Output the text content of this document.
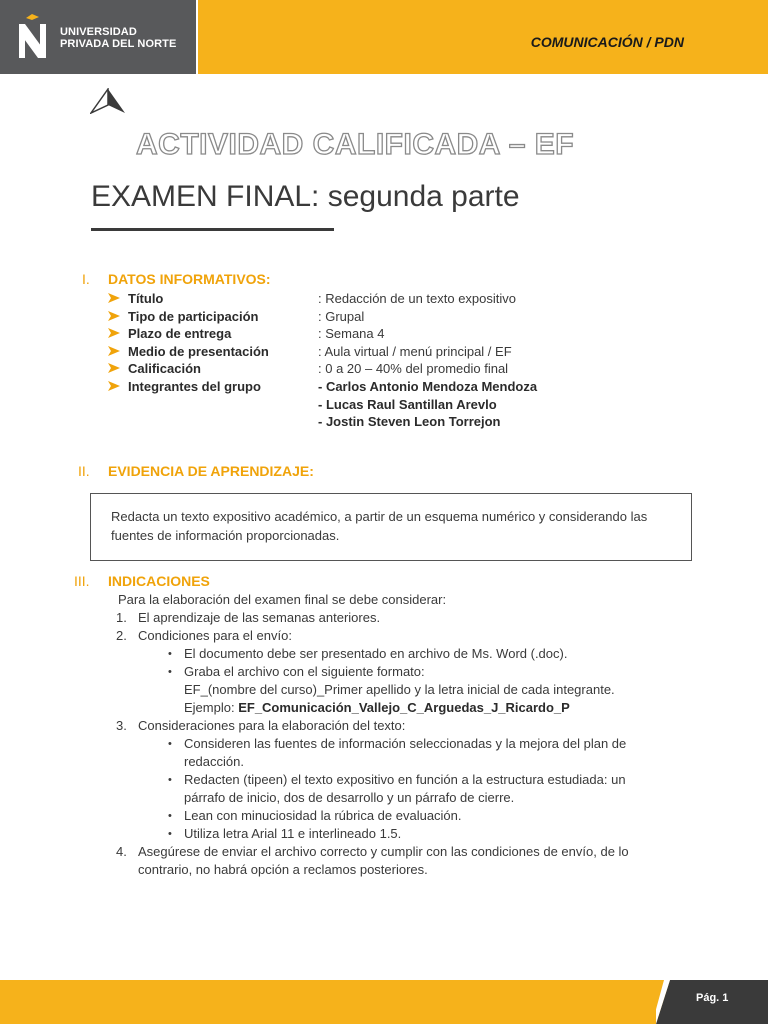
UNIVERSIDAD
PRIVADA DEL NORTE	COMUNICACIÓN / PDN
ACTIVIDAD CALIFICADA – EF
EXAMEN FINAL: segunda parte
I. DATOS INFORMATIVOS:
Título	: Redacción de un texto expositivo
Tipo de participación	: Grupal
Plazo de entrega	: Semana 4
Medio de presentación	: Aula virtual / menú principal / EF
Calificación	: 0 a 20 – 40% del promedio final
Integrantes del grupo	- Carlos Antonio Mendoza Mendoza
- Lucas Raul Santillan Arevlo
- Jostin Steven Leon Torrejon
II. EVIDENCIA DE APRENDIZAJE:
Redacta un texto expositivo académico, a partir de un esquema numérico y considerando las fuentes de información proporcionadas.
III. INDICACIONES
Para la elaboración del examen final se debe considerar:
1. El aprendizaje de las semanas anteriores.
2. Condiciones para el envío:
• El documento debe ser presentado en archivo de Ms. Word (.doc).
• Graba el archivo con el siguiente formato:
EF_(nombre del curso)_Primer apellido y la letra inicial de cada integrante.
Ejemplo: EF_Comunicación_Vallejo_C_Arguedas_J_Ricardo_P
3. Consideraciones para la elaboración del texto:
• Consideren las fuentes de información seleccionadas y la mejora del plan de
redacción.
• Redacten (tipeen) el texto expositivo en función a la estructura estudiada: un
párrafo de inicio, dos de desarrollo y un párrafo de cierre.
• Lean con minuciosidad la rúbrica de evaluación.
• Utiliza letra Arial 11 e interlineado 1.5.
4. Asegúrese de enviar el archivo correcto y cumplir con las condiciones de envío, de lo
contrario, no habrá opción a reclamos posteriores.
Pág. 1
